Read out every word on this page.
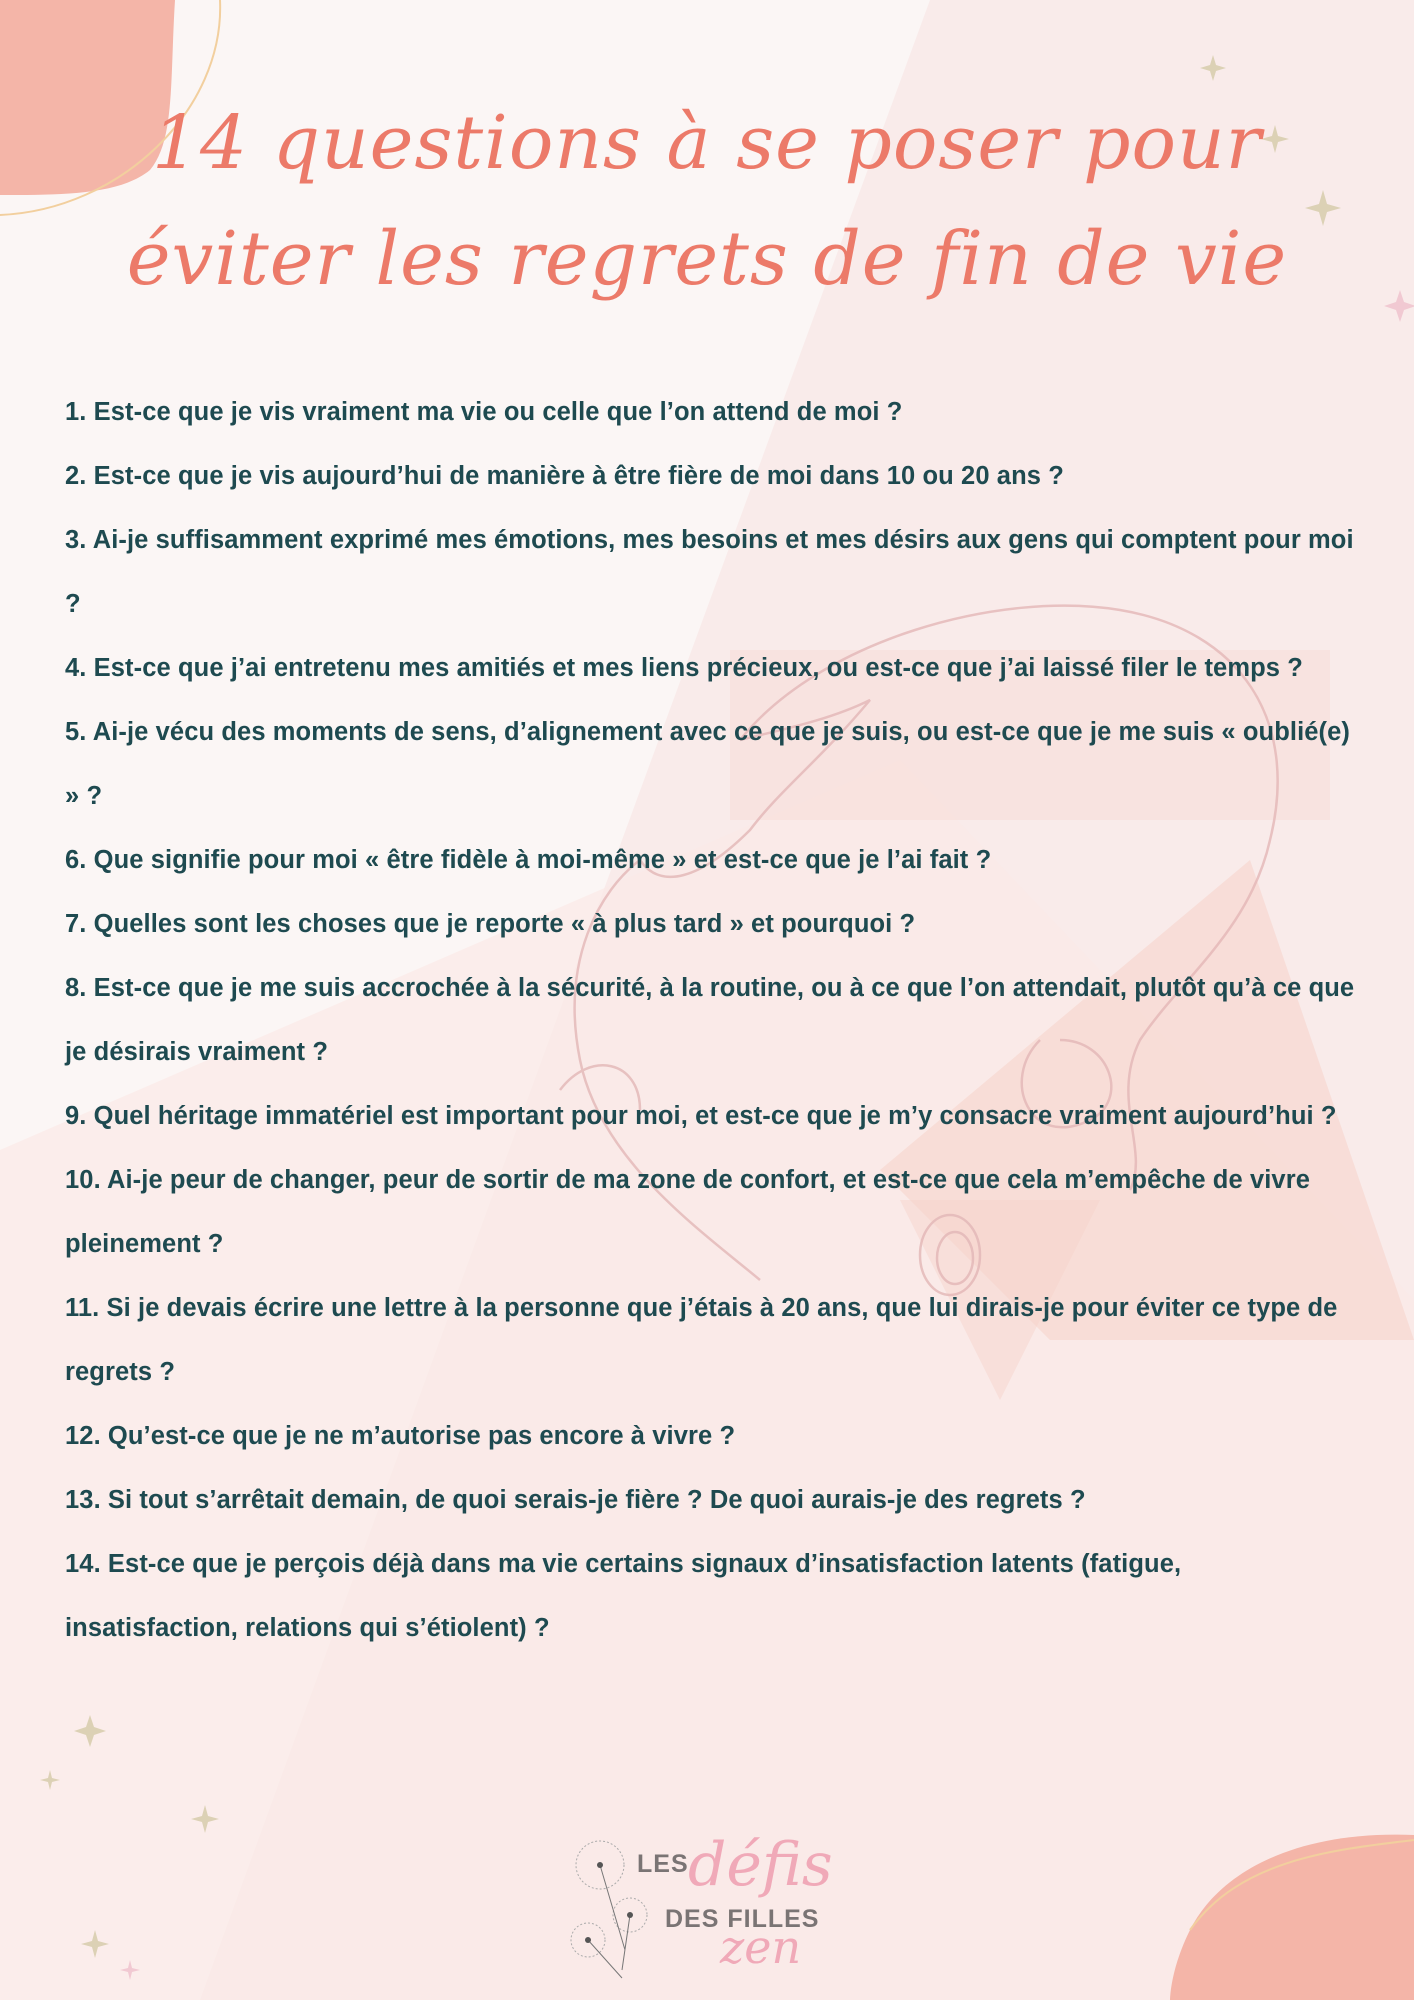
14 questions à se poser pour
éviter les regrets de fin de vie
1. Est-ce que je vis vraiment ma vie ou celle que l’on attend de moi ?
2. Est-ce que je vis aujourd’hui de manière à être fière de moi dans 10 ou 20 ans ?
3. Ai-je suffisamment exprimé mes émotions, mes besoins et mes désirs aux gens qui comptent pour moi ?
4. Est-ce que j’ai entretenu mes amitiés et mes liens précieux, ou est-ce que j’ai laissé filer le temps ?
5. Ai-je vécu des moments de sens, d’alignement avec ce que je suis, ou est-ce que je me suis « oublié(e) » ?
6. Que signifie pour moi « être fidèle à moi-même » et est-ce que je l’ai fait ?
7. Quelles sont les choses que je reporte « à plus tard » et pourquoi ?
8. Est-ce que je me suis accrochée à la sécurité, à la routine, ou à ce que l’on attendait, plutôt qu’à ce que je désirais vraiment ?
9. Quel héritage immatériel est important pour moi, et est-ce que je m’y consacre vraiment aujourd’hui ?
10. Ai-je peur de changer, peur de sortir de ma zone de confort, et est-ce que cela m’empêche de vivre pleinement ?
11. Si je devais écrire une lettre à la personne que j’étais à 20 ans, que lui dirais-je pour éviter ce type de regrets ?
12. Qu’est-ce que je ne m’autorise pas encore à vivre ?
13. Si tout s’arrêtait demain, de quoi serais-je fière ? De quoi aurais-je des regrets ?
14. Est-ce que je perçois déjà dans ma vie certains signaux d’insatisfaction latents (fatigue, insatisfaction, relations qui s’étiolent) ?
LES défis
DES FILLES
zen
